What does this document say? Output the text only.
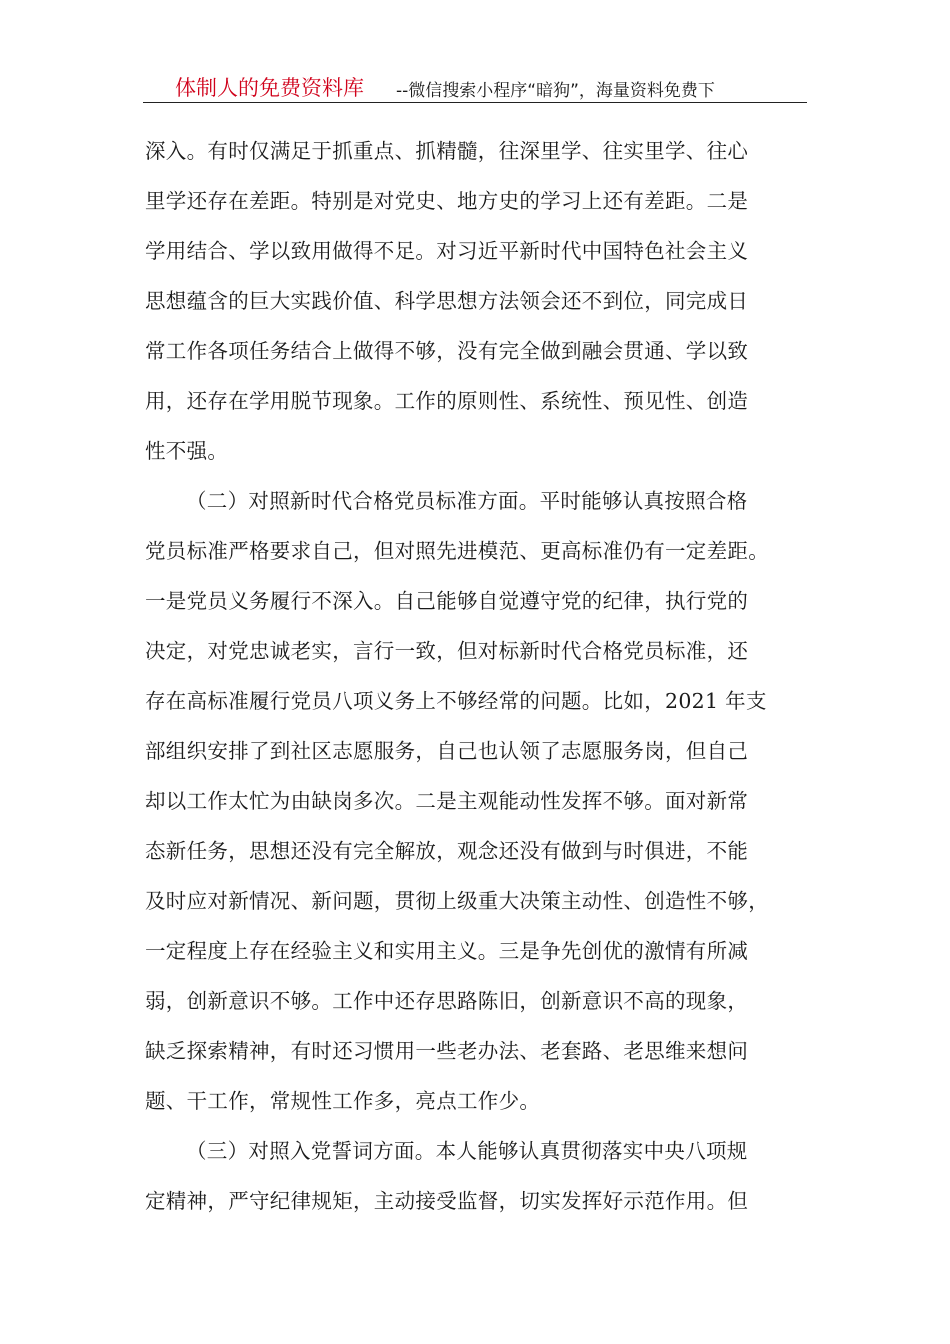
体制人的免费资料库 --微信搜索小程序“暗狗”，海量资料免费下
深入。有时仅满足于抓重点、抓精髓，往深里学、往实里学、往心
里学还存在差距。特别是对党史、地方史的学习上还有差距。二是
学用结合、学以致用做得不足。对习近平新时代中国特色社会主义
思想蕴含的巨大实践价值、科学思想方法领会还不到位，同完成日
常工作各项任务结合上做得不够，没有完全做到融会贯通、学以致
用，还存在学用脱节现象。工作的原则性、系统性、预见性、创造
性不强。
（二）对照新时代合格党员标准方面。平时能够认真按照合格
党员标准严格要求自己，但对照先进模范、更高标准仍有一定差距。
一是党员义务履行不深入。自己能够自觉遵守党的纪律，执行党的
决定，对党忠诚老实，言行一致，但对标新时代合格党员标准，还
存在高标准履行党员八项义务上不够经常的问题。比如，2021 年支
部组织安排了到社区志愿服务，自己也认领了志愿服务岗，但自己
却以工作太忙为由缺岗多次。二是主观能动性发挥不够。面对新常
态新任务，思想还没有完全解放，观念还没有做到与时俱进，不能
及时应对新情况、新问题，贯彻上级重大决策主动性、创造性不够，
一定程度上存在经验主义和实用主义。三是争先创优的激情有所减
弱，创新意识不够。工作中还存思路陈旧，创新意识不高的现象，
缺乏探索精神，有时还习惯用一些老办法、老套路、老思维来想问
题、干工作，常规性工作多，亮点工作少。
（三）对照入党誓词方面。本人能够认真贯彻落实中央八项规
定精神，严守纪律规矩，主动接受监督，切实发挥好示范作用。但
